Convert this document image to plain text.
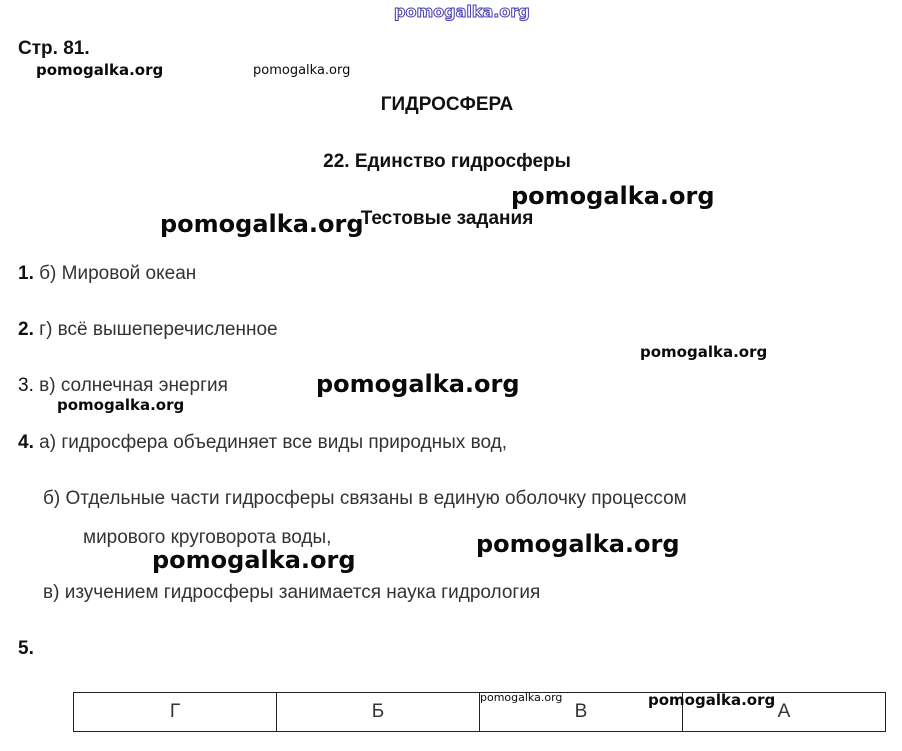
Стр. 81.
ГИДРОСФЕРА
22. Единство гидросферы
Тестовые задания
1. б) Мировой океан
2. г) всё вышеперечисленное
3. в) солнечная энергия
4. а) гидросфера объединяет все виды природных вод,
б) Отдельные части гидросферы связаны в единую оболочку процессом
мирового круговорота воды,
в) изучением гидросферы занимается наука гидрология
5.
Г	Б	В	А
pomogalka.org
pomogalka.org	pomogalka.org
pomogalka.org
pomogalka.org
pomogalka.org
pomogalka.org
pomogalka.org
pomogalka.org
pomogalka.org
pomogalka.org	pomogalka.org
